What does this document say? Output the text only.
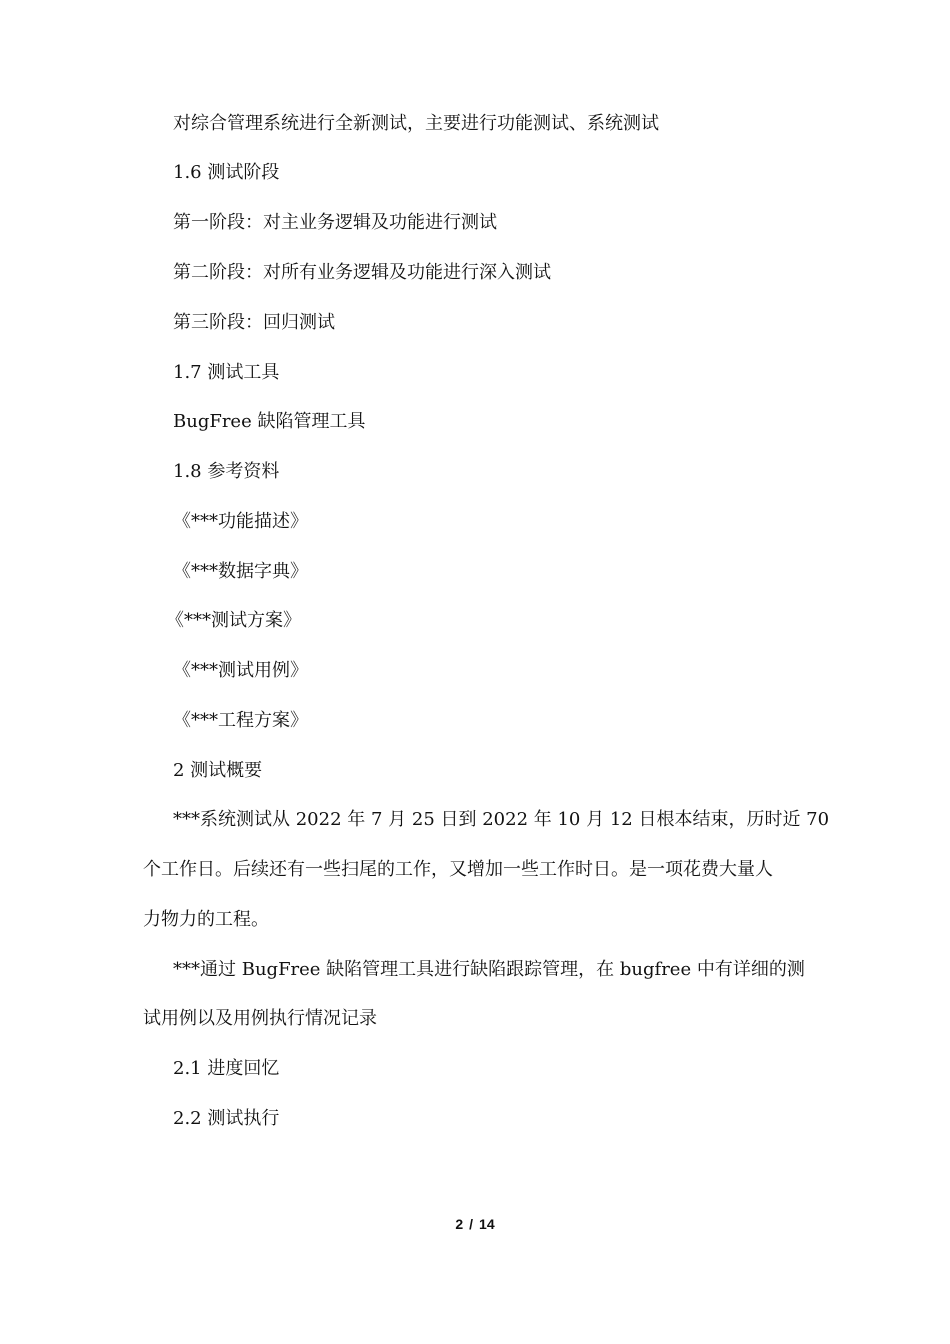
对综合管理系统进行全新测试，主要进行功能测试、系统测试
1.6 测试阶段
第一阶段：对主业务逻辑及功能进行测试
第二阶段：对所有业务逻辑及功能进行深入测试
第三阶段：回归测试
1.7 测试工具
BugFree 缺陷管理工具
1.8 参考资料
《***功能描述》
《***数据字典》
《***测试方案》
《***测试用例》
《***工程方案》
2 测试概要
***系统测试从 2022 年 7 月 25 日到 2022 年 10 月 12 日根本结束，历时近 70
个工作日。后续还有一些扫尾的工作，又增加一些工作时日。是一项花费大量人
力物力的工程。
***通过 BugFree 缺陷管理工具进行缺陷跟踪管理，在 bugfree 中有详细的测
试用例以及用例执行情况记录
2.1 进度回忆
2.2 测试执行
2 / 14
